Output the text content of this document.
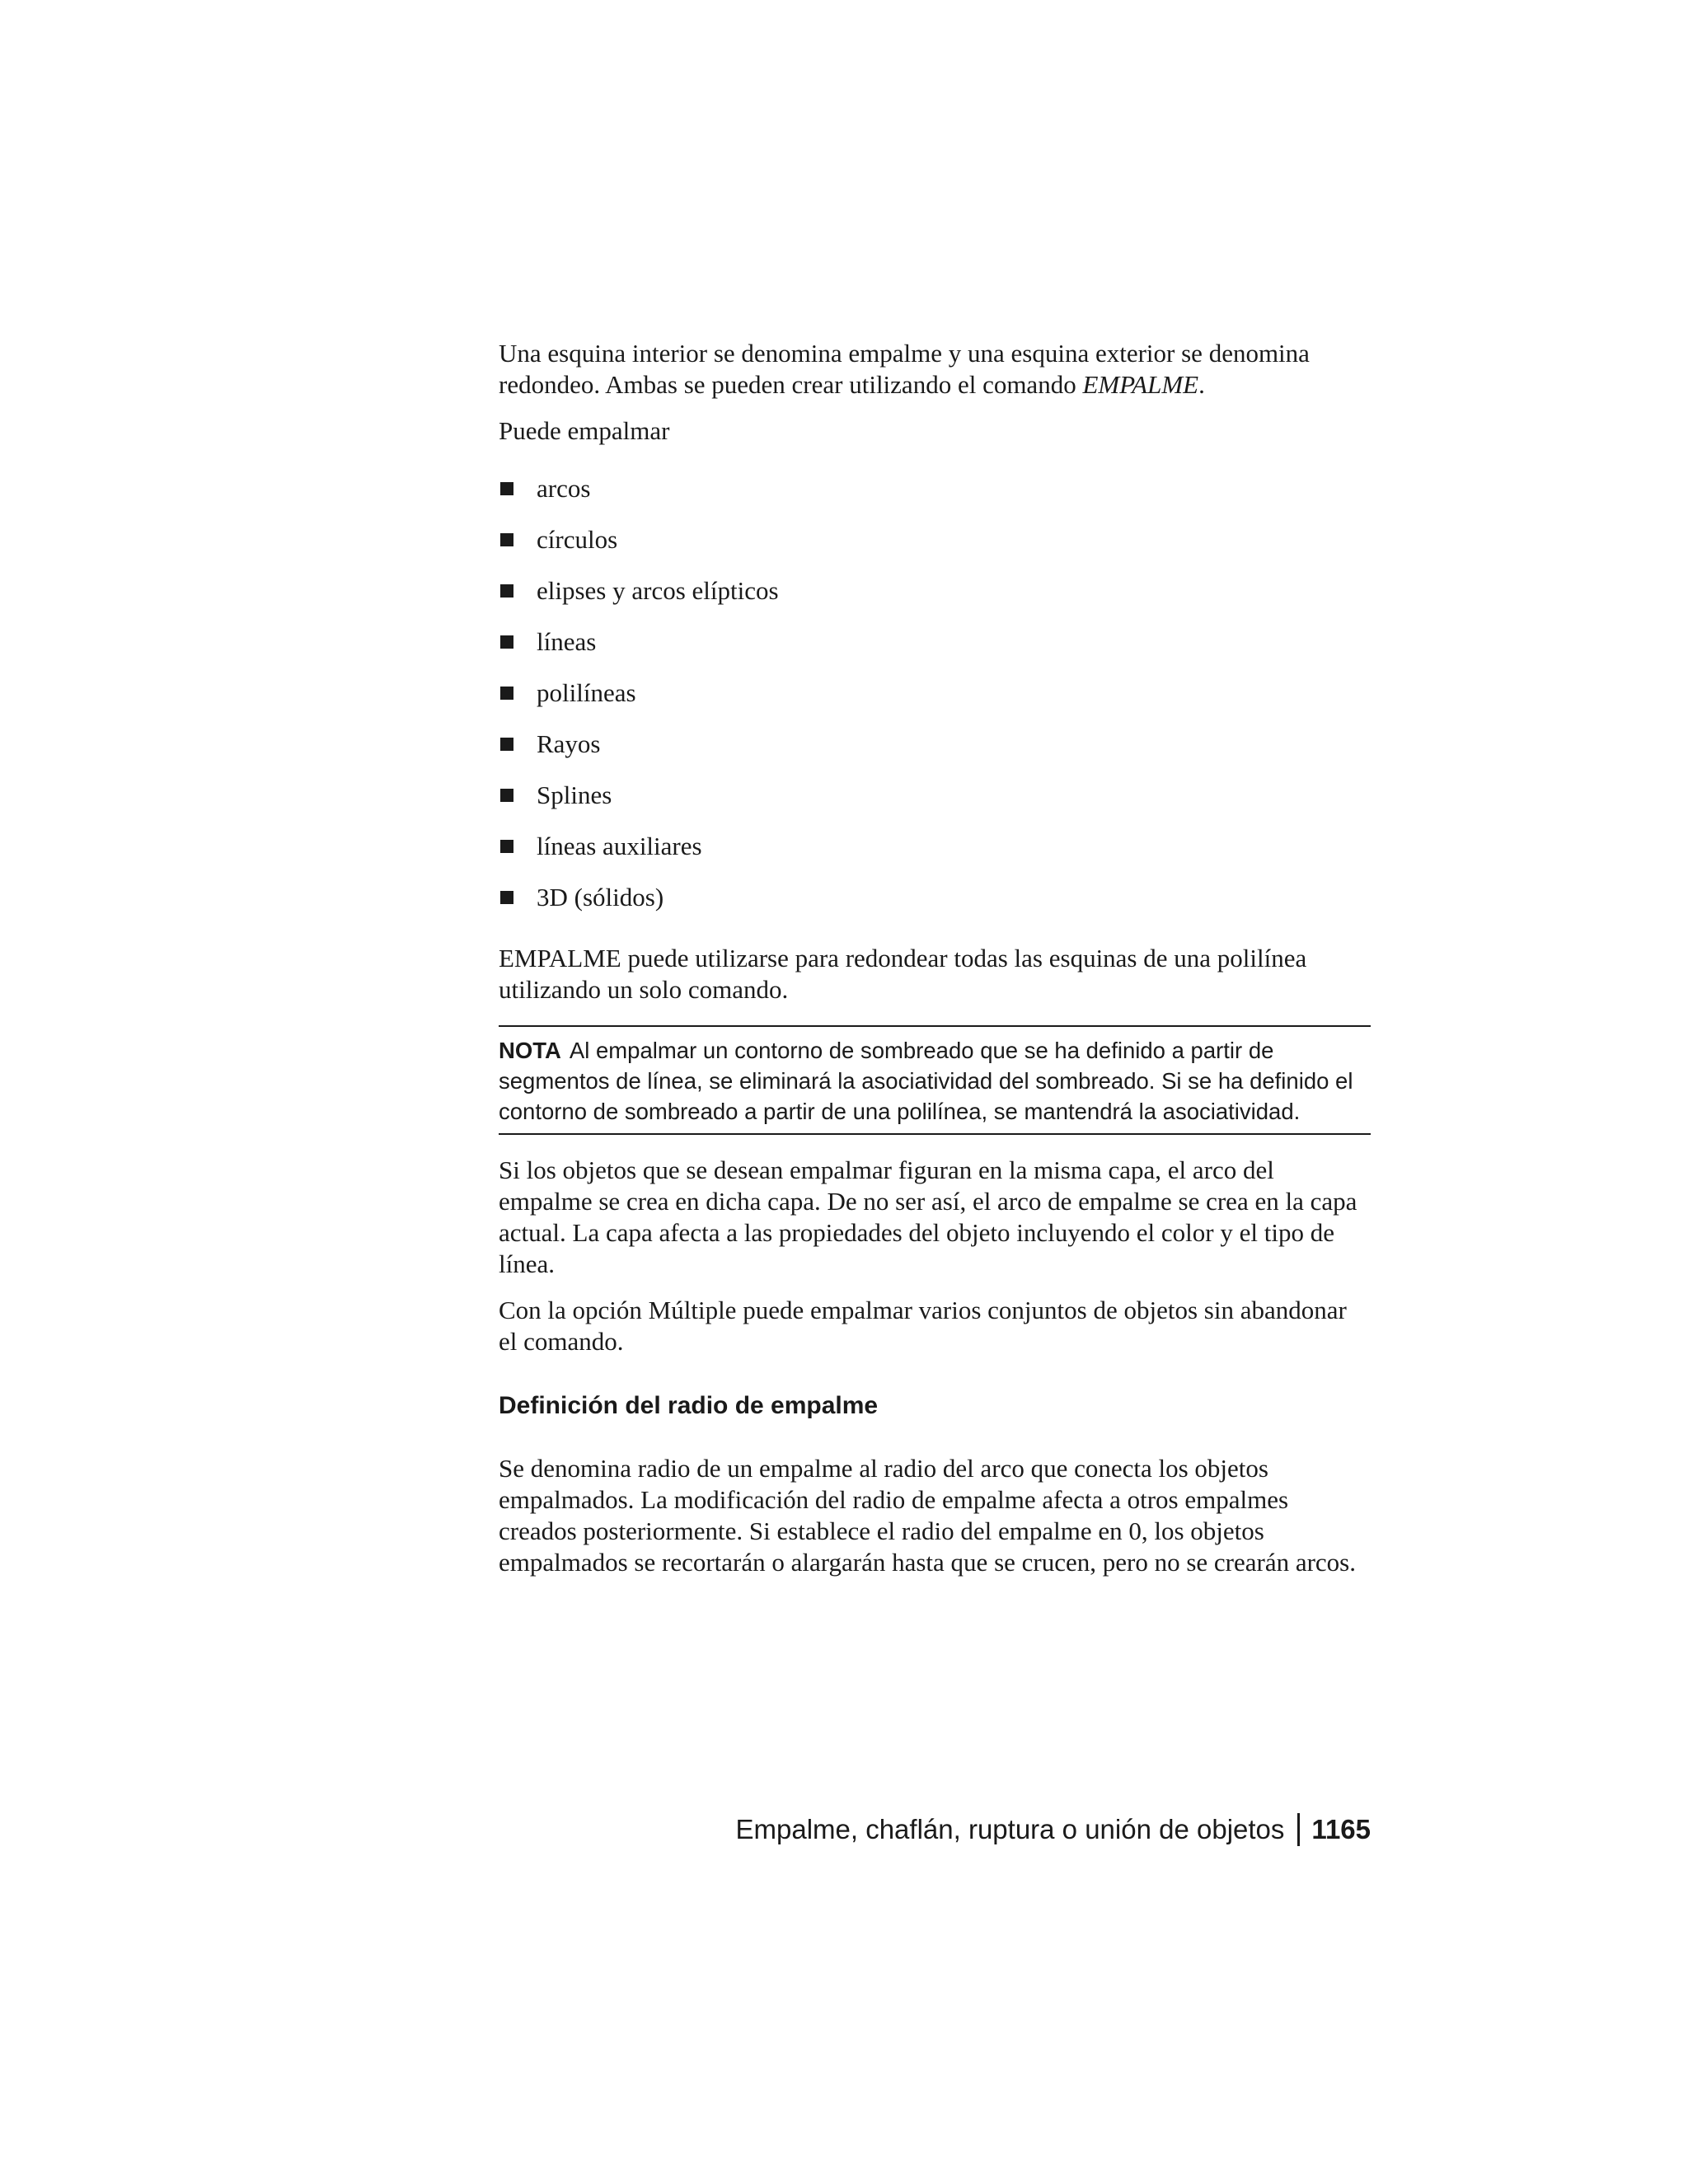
Una esquina interior se denomina empalme y una esquina exterior se denomina redondeo. Ambas se pueden crear utilizando el comando EMPALME.

Puede empalmar

arcos
círculos
elipses y arcos elípticos
líneas
polilíneas
Rayos
Splines
líneas auxiliares
3D (sólidos)

EMPALME puede utilizarse para redondear todas las esquinas de una polilínea utilizando un solo comando.

NOTA Al empalmar un contorno de sombreado que se ha definido a partir de segmentos de línea, se eliminará la asociatividad del sombreado. Si se ha definido el contorno de sombreado a partir de una polilínea, se mantendrá la asociatividad.

Si los objetos que se desean empalmar figuran en la misma capa, el arco del empalme se crea en dicha capa. De no ser así, el arco de empalme se crea en la capa actual. La capa afecta a las propiedades del objeto incluyendo el color y el tipo de línea.

Con la opción Múltiple puede empalmar varios conjuntos de objetos sin abandonar el comando.

Definición del radio de empalme

Se denomina radio de un empalme al radio del arco que conecta los objetos empalmados. La modificación del radio de empalme afecta a otros empalmes creados posteriormente. Si establece el radio del empalme en 0, los objetos empalmados se recortarán o alargarán hasta que se crucen, pero no se crearán arcos.

Empalme, chaflán, ruptura o unión de objetos 1165
